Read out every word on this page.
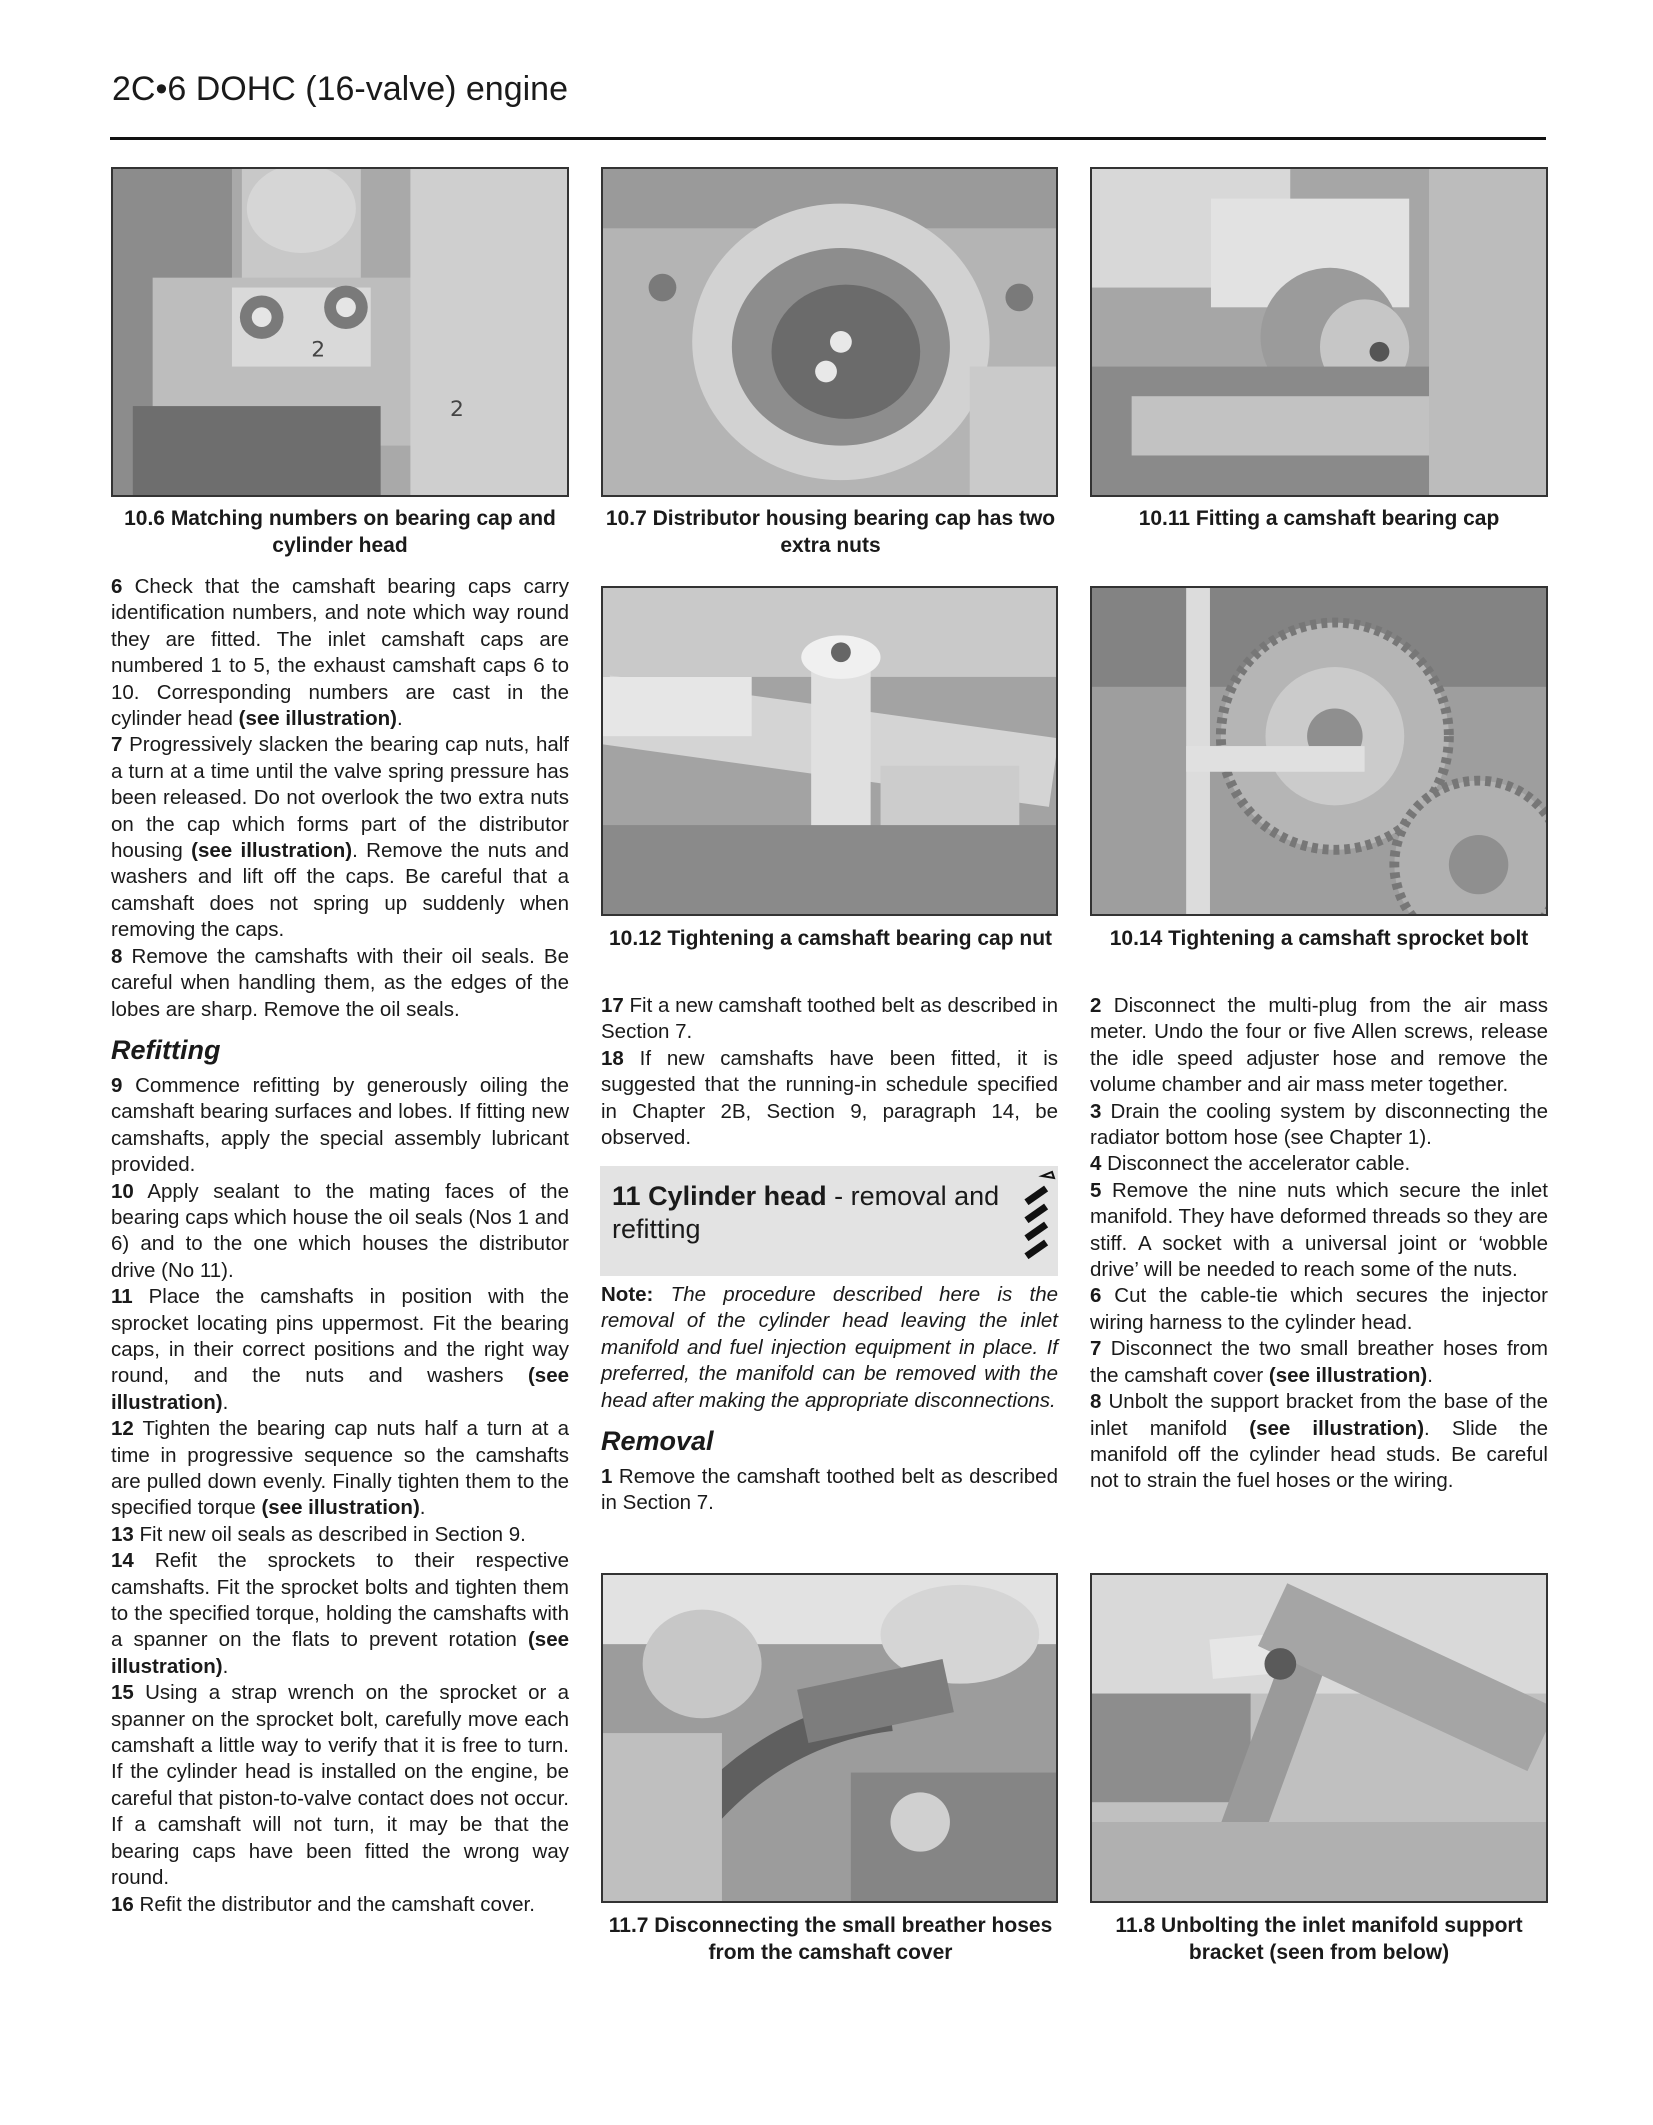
2C•6 DOHC (16-valve) engine
2
2
10.6 Matching numbers on bearing cap and cylinder head
10.7 Distributor housing bearing cap has two extra nuts
10.11 Fitting a camshaft bearing cap
10.12 Tightening a camshaft bearing cap nut	10.14 Tightening a camshaft sprocket bolt
11.7 Disconnecting the small breather hoses from the camshaft cover
11.8 Unbolting the inlet manifold support bracket (seen from below)

6 Check that the camshaft bearing caps carry identification numbers, and note which way round they are fitted. The inlet camshaft caps are numbered 1 to 5, the exhaust camshaft caps 6 to 10. Corresponding numbers are cast in the cylinder head (see illustration).

7 Progressively slacken the bearing cap nuts, half a turn at a time until the valve spring pressure has been released. Do not overlook the two extra nuts on the cap which forms part of the distributor housing (see illustration). Remove the nuts and washers and lift off the caps. Be careful that a camshaft does not spring up suddenly when removing the caps.

8 Remove the camshafts with their oil seals. Be careful when handling them, as the edges of the lobes are sharp. Remove the oil seals.

Refitting

9 Commence refitting by generously oiling the camshaft bearing surfaces and lobes. If fitting new camshafts, apply the special assembly lubricant provided.

10 Apply sealant to the mating faces of the bearing caps which house the oil seals (Nos 1 and 6) and to the one which houses the distributor drive (No 11).

11 Place the camshafts in position with the sprocket locating pins uppermost. Fit the bearing caps, in their correct positions and the right way round, and the nuts and washers (see illustration).

12 Tighten the bearing cap nuts half a turn at a time in progressive sequence so the camshafts are pulled down evenly. Finally tighten them to the specified torque (see illustration).

13 Fit new oil seals as described in Section 9.

14 Refit the sprockets to their respective camshafts. Fit the sprocket bolts and tighten them to the specified torque, holding the camshafts with a spanner on the flats to prevent rotation (see illustration).

15 Using a strap wrench on the sprocket or a spanner on the sprocket bolt, carefully move each camshaft a little way to verify that it is free to turn. If the cylinder head is installed on the engine, be careful that piston-to-valve contact does not occur. If a camshaft will not turn, it may be that the bearing caps have been fitted the wrong way round.

16 Refit the distributor and the camshaft cover.

17 Fit a new camshaft toothed belt as described in Section 7.

18 If new camshafts have been fitted, it is suggested that the running-in schedule specified in Chapter 2B, Section 9, paragraph 14, be observed.

11 Cylinder head - removal and refitting

Note: The procedure described here is the removal of the cylinder head leaving the inlet manifold and fuel injection equipment in place. If preferred, the manifold can be removed with the head after making the appropriate disconnections.

Removal

1 Remove the camshaft toothed belt as described in Section 7.

2 Disconnect the multi-plug from the air mass meter. Undo the four or five Allen screws, release the idle speed adjuster hose and remove the volume chamber and air mass meter together.

3 Drain the cooling system by disconnecting the radiator bottom hose (see Chapter 1).

4 Disconnect the accelerator cable.

5 Remove the nine nuts which secure the inlet manifold. They have deformed threads so they are stiff. A socket with a universal joint or ‘wobble drive’ will be needed to reach some of the nuts.

6 Cut the cable-tie which secures the injector wiring harness to the cylinder head.

7 Disconnect the two small breather hoses from the camshaft cover (see illustration).

8 Unbolt the support bracket from the base of the inlet manifold (see illustration). Slide the manifold off the cylinder head studs. Be careful not to strain the fuel hoses or the wiring.
